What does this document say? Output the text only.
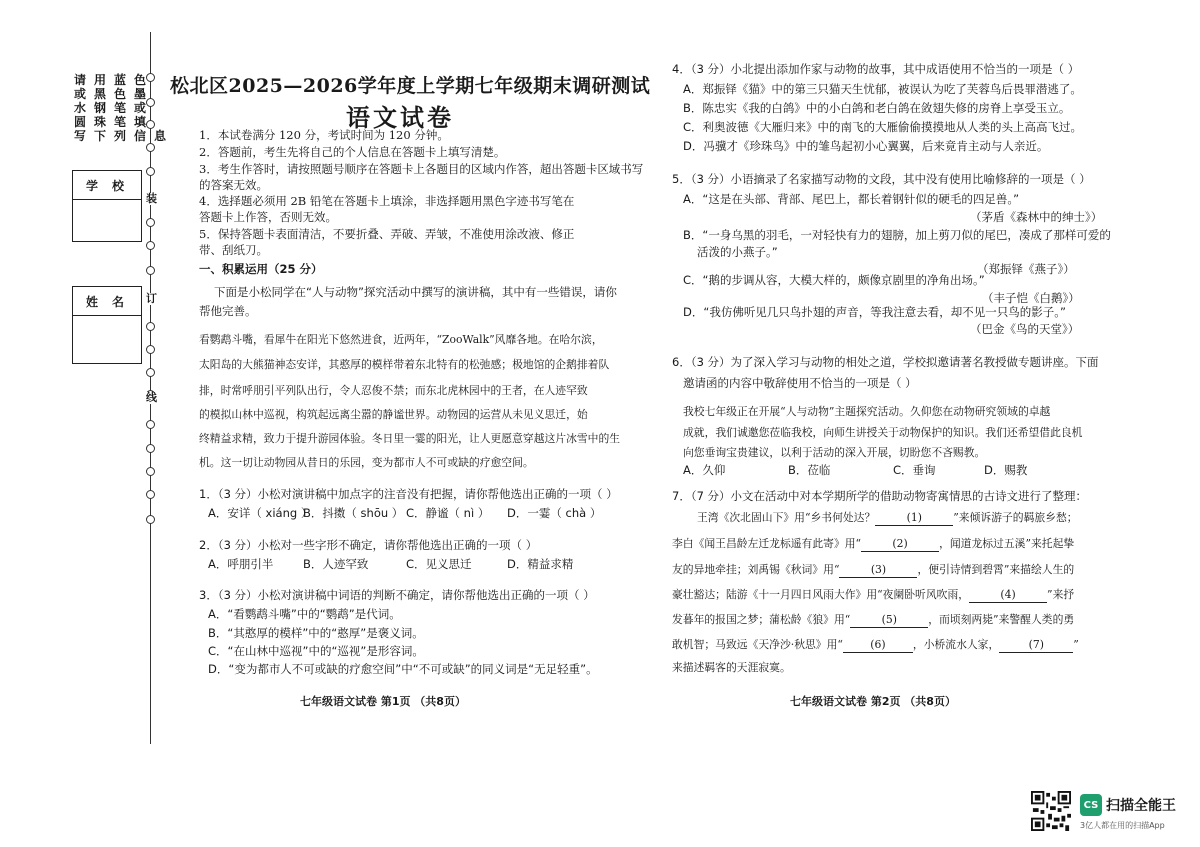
装
订
线
请用蓝色
或黑色墨
水钢笔或
圆珠笔填
写下列信息
学校
姓名
松北区2025—2026学年度上学期七年级期末调研测试
语文试卷
1．本试卷满分 120 分，考试时间为 120 分钟。
2．答题前，考生先将自己的个人信息在答题卡上填写清楚。
3．考生作答时，请按照题号顺序在答题卡上各题目的区域内作答，超出答题卡区域书写
的答案无效。
4．选择题必须用 2B 铅笔在答题卡上填涂，非选择题用黑色字迹书写笔在
答题卡上作答，否则无效。
5．保持答题卡表面清洁，不要折叠、弄破、弄皱，不准使用涂改液、修正
带、刮纸刀。
一、积累运用（25 分）
下面是小松同学在“人与动物”探究活动中撰写的演讲稿，其中有一些错误，请你
帮他完善。
看鹦鹉斗嘴，看犀牛在阳光下悠然进食，近两年，“ZooWalk”风靡各地。在哈尔滨，
太阳岛的大熊猫神态安详，其憨厚的模样带着东北特有的松弛感；极地馆的企鹅排着队
排，时常呼朋引平列队出行，令人忍俊不禁；而东北虎林园中的王者，在人迹罕致
的模拟山林中巡视，构筑起远离尘嚣的静谧世界。动物园的运营从未见义思迁，始
终精益求精，致力于提升游园体验。冬日里一霎的阳光，让人更愿意穿越这片冰雪中的生
机。这一切让动物园从昔日的乐园，变为都市人不可或缺的疗愈空间。
1．（3 分）小松对演讲稿中加点字的注音没有把握，请你帮他选出正确的一项（ ）
A．安详（ xiáng ）
B．抖擞（ shōu ） C．静谧（ nì ） D．一霎（ chà ）
2．（3 分）小松对一些字形不确定，请你帮他选出正确的一项（ ）
A．呼朋引半	B．人迹罕致	C．见义思迁	D．精益求精
3．（3 分）小松对演讲稿中词语的判断不确定，请你帮他选出正确的一项（ ）
A．“看鹦鹉斗嘴”中的“鹦鹉”是代词。
B．“其憨厚的模样”中的“憨厚”是褒义词。
C．“在山林中巡视”中的“巡视”是形容词。
D．“变为都市人不可或缺的疗愈空间”中“不可或缺”的同义词是“无足轻重”。
七年级语文试卷 第1页 （共8页）
4．（3 分）小北提出添加作家与动物的故事，其中成语使用不恰当的一项是（ ）
A．郑振铎《猫》中的第三只猫天生忧郁，被误认为吃了芙蓉鸟后畏罪潜逃了。
B．陈忠实《我的白鸽》中的小白鸽和老白鸽在敛翅失修的房脊上享受玉立。
C．利奥波德《大雁归来》中的南飞的大雁偷偷摸摸地从人类的头上高高飞过。
D．冯骥才《珍珠鸟》中的雏鸟起初小心翼翼，后来竟肯主动与人亲近。
5．（3 分）小语摘录了名家描写动物的文段，其中没有使用比喻修辞的一项是（ ）
A．“这是在头部、背部、尾巴上，都长着钢针似的硬毛的四足兽。”
（茅盾《森林中的绅士》）
B．“一身乌黑的羽毛，一对轻快有力的翅膀，加上剪刀似的尾巴，凑成了那样可爱的
活泼的小燕子。”
（郑振铎《燕子》）
C．“鹅的步调从容，大模大样的，颇像京剧里的净角出场。”
（丰子恺《白鹅》）
D．“我仿佛听见几只鸟扑翅的声音，等我注意去看，却不见一只鸟的影子。”
（巴金《鸟的天堂》）
6．（3 分）为了深入学习与动物的相处之道，学校拟邀请著名教授做专题讲座。下面
邀请函的内容中敬辞使用不恰当的一项是（ ）
我校七年级正在开展“人与动物”主题探究活动。久仰您在动物研究领域的卓越
成就，我们诚邀您莅临我校，向师生讲授关于动物保护的知识。我们还希望借此良机
向您垂询宝贵建议，以利于活动的深入开展，切盼您不吝赐教。
A．久仰	B．莅临	C．垂询	D．赐教
7．（7 分）小文在活动中对本学期所学的借助动物寄寓情思的古诗文进行了整理：
王湾《次北固山下》用“乡书何处达？	(1)	”来倾诉游子的羁旅乡愁；
李白《闻王昌龄左迁龙标遥有此寄》用“	(2)	，闻道龙标过五溪”来托起挚
友的异地牵挂；刘禹锡《秋词》用“	(3)	，便引诗情到碧霄”来描绘人生的
豪壮豁达；陆游《十一月四日风雨大作》用“夜阑卧听风吹雨，	(4)	”来抒
发暮年的报国之梦；蒲松龄《狼》用“	(5)	，而顷刻两毙”来警醒人类的勇
敢机智；马致远《天净沙·秋思》用“	(6)	，小桥流水人家，	(7)	”
来描述羁客的天涯寂寞。
七年级语文试卷 第2页 （共8页）
CS 扫描全能王
3亿人都在用的扫描App
